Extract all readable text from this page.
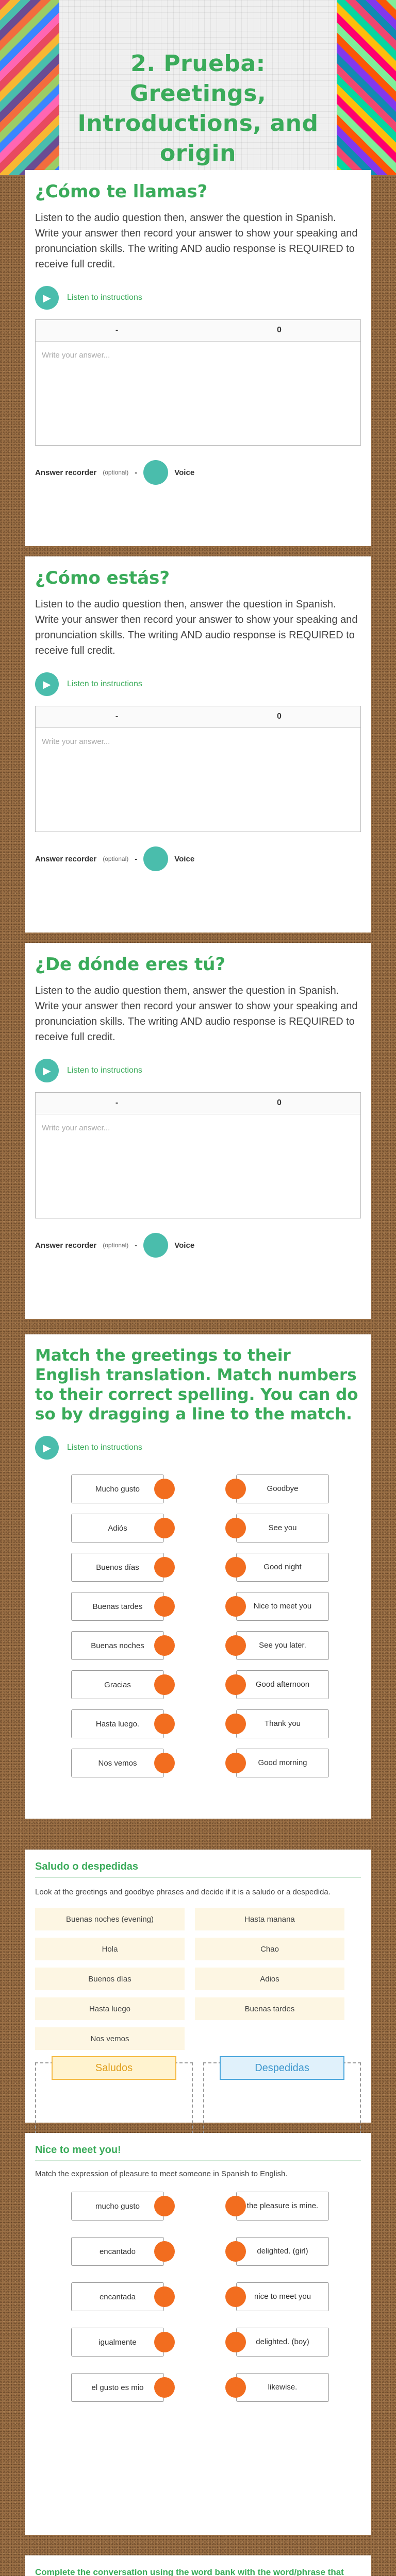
2. Prueba: Greetings, Introductions, and origin
¿Cómo te llamas?

Listen to the audio question then, answer the question in Spanish. Write your answer then record your answer to show your speaking and pronunciation skills. The writing AND audio response is REQUIRED to receive full credit.

▶	Listen to instructions
-	0
Write your answer...
Answer recorder (optional) -	Voice
¿Cómo estás?

Listen to the audio question then, answer the question in Spanish. Write your answer then record your answer to show your speaking and pronunciation skills. The writing AND audio response is REQUIRED to receive full credit.

▶	Listen to instructions
-	0
Write your answer...
Answer recorder (optional) -	Voice
¿De dónde eres tú?

Listen to the audio question them, answer the question in Spanish. Write your answer then record your answer to show your speaking and pronunciation skills. The writing AND audio response is REQUIRED to receive full credit.

▶	Listen to instructions
-	0
Write your answer...
Answer recorder (optional) -	Voice
Match the greetings to their English translation. Match numbers to their correct spelling. You can do so by dragging a line to the match.
▶	Listen to instructions
Mucho gusto	Goodbye
Adiós	See you
Buenos días	Good night
Buenas tardes	Nice to meet you
Buenas noches	See you later.
Gracias	Good afternoon
Hasta luego.	Thank you
Nos vemos	Good morning
Saludo o despedidas

Look at the greetings and goodbye phrases and decide if it is a saludo or a despedida.

Buenas noches (evening)	Hasta manana
Hola	Chao
Buenos días	Adios
Hasta luego	Buenas tardes
Nos vemos
Saludos	Despedidas
Nice to meet you!

Match the expression of pleasure to meet someone in Spanish to English.

mucho gusto	the pleasure is mine.
encantado	delighted. (girl)
encantada	nice to meet you
igualmente	delighted. (boy)
el gusto es mio	likewise.
Complete the conversation using the word bank with the word/phrase that
